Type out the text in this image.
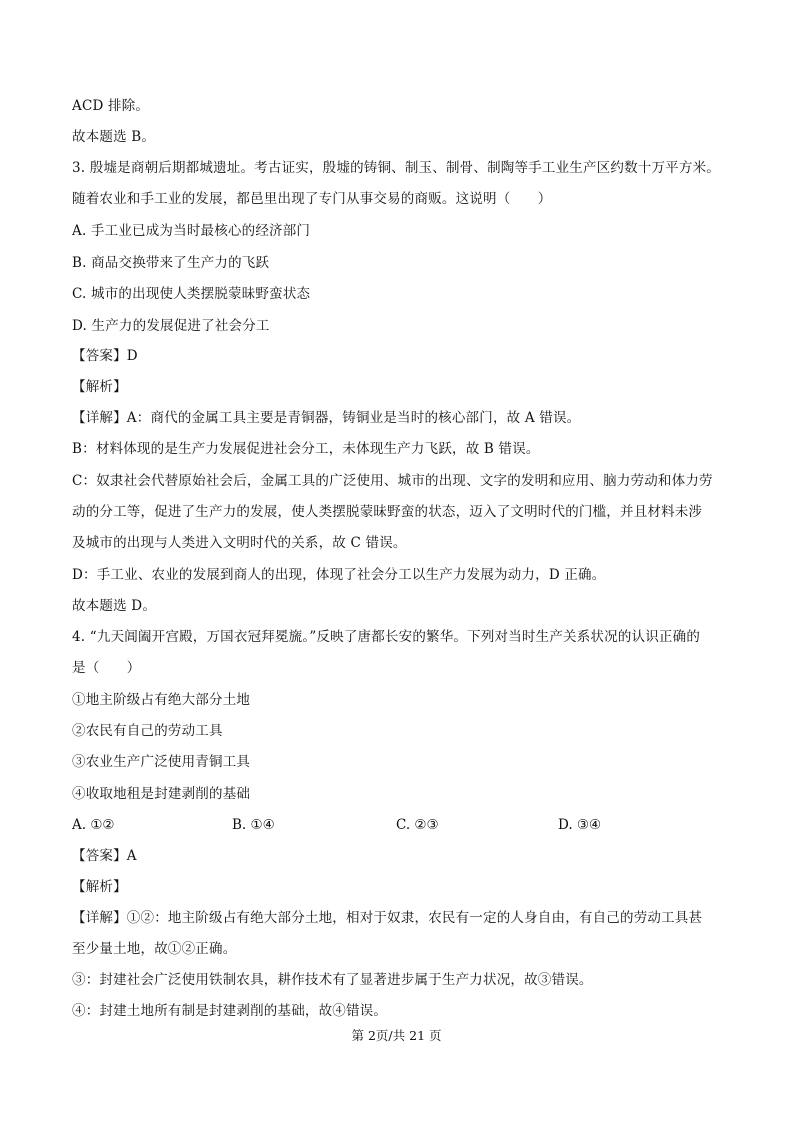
ACD 排除。
故本题选 B。
3. 殷墟是商朝后期都城遗址。考古证实，殷墟的铸铜、制玉、制骨、制陶等手工业生产区约数十万平方米。
随着农业和手工业的发展，都邑里出现了专门从事交易的商贩。这说明（　　）
A. 手工业已成为当时最核心的经济部门
B. 商品交换带来了生产力的飞跃
C. 城市的出现使人类摆脱蒙昧野蛮状态
D. 生产力的发展促进了社会分工
【答案】D
【解析】
【详解】A：商代的金属工具主要是青铜器，铸铜业是当时的核心部门，故 A 错误。
B：材料体现的是生产力发展促进社会分工，未体现生产力飞跃，故 B 错误。
C：奴隶社会代替原始社会后，金属工具的广泛使用、城市的出现、文字的发明和应用、脑力劳动和体力劳
动的分工等，促进了生产力的发展，使人类摆脱蒙昧野蛮的状态，迈入了文明时代的门槛，并且材料未涉
及城市的出现与人类进入文明时代的关系，故 C 错误。
D：手工业、农业的发展到商人的出现，体现了社会分工以生产力发展为动力，D 正确。
故本题选 D。
4. “九天阊阖开宫殿，万国衣冠拜冕旒。”反映了唐都长安的繁华。下列对当时生产关系状况的认识正确的
是（　　）
①地主阶级占有绝大部分土地
②农民有自己的劳动工具
③农业生产广泛使用青铜工具
④收取地租是封建剥削的基础
A. ①②	B. ①④	C. ②③	D. ③④
【答案】A
【解析】
【详解】①②：地主阶级占有绝大部分土地，相对于奴隶，农民有一定的人身自由，有自己的劳动工具甚
至少量土地，故①②正确。
③：封建社会广泛使用铁制农具，耕作技术有了显著进步属于生产力状况，故③错误。
④：封建土地所有制是封建剥削的基础，故④错误。
第 2页/共 21 页
